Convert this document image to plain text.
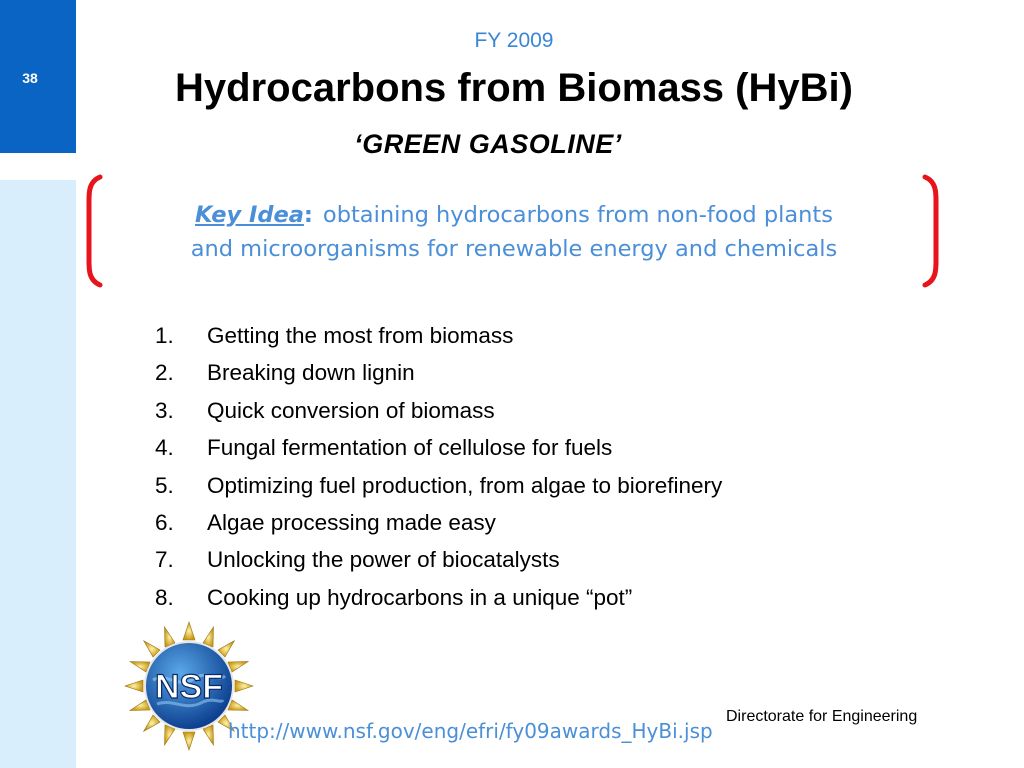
38
FY 2009
Hydrocarbons from Biomass (HyBi)
‘GREEN GASOLINE’
Key Idea: obtaining hydrocarbons from non-food plants
and microorganisms for renewable energy and chemicals
1. Getting the most from biomass
2. Breaking down lignin
3. Quick conversion of biomass
4. Fungal fermentation of cellulose for fuels
5. Optimizing fuel production, from algae to biorefinery
6. Algae processing made easy
7. Unlocking the power of biocatalysts
8. Cooking up hydrocarbons in a unique “pot”
NSF
http://www.nsf.gov/eng/efri/fy09awards_HyBi.jsp
Directorate for Engineering
